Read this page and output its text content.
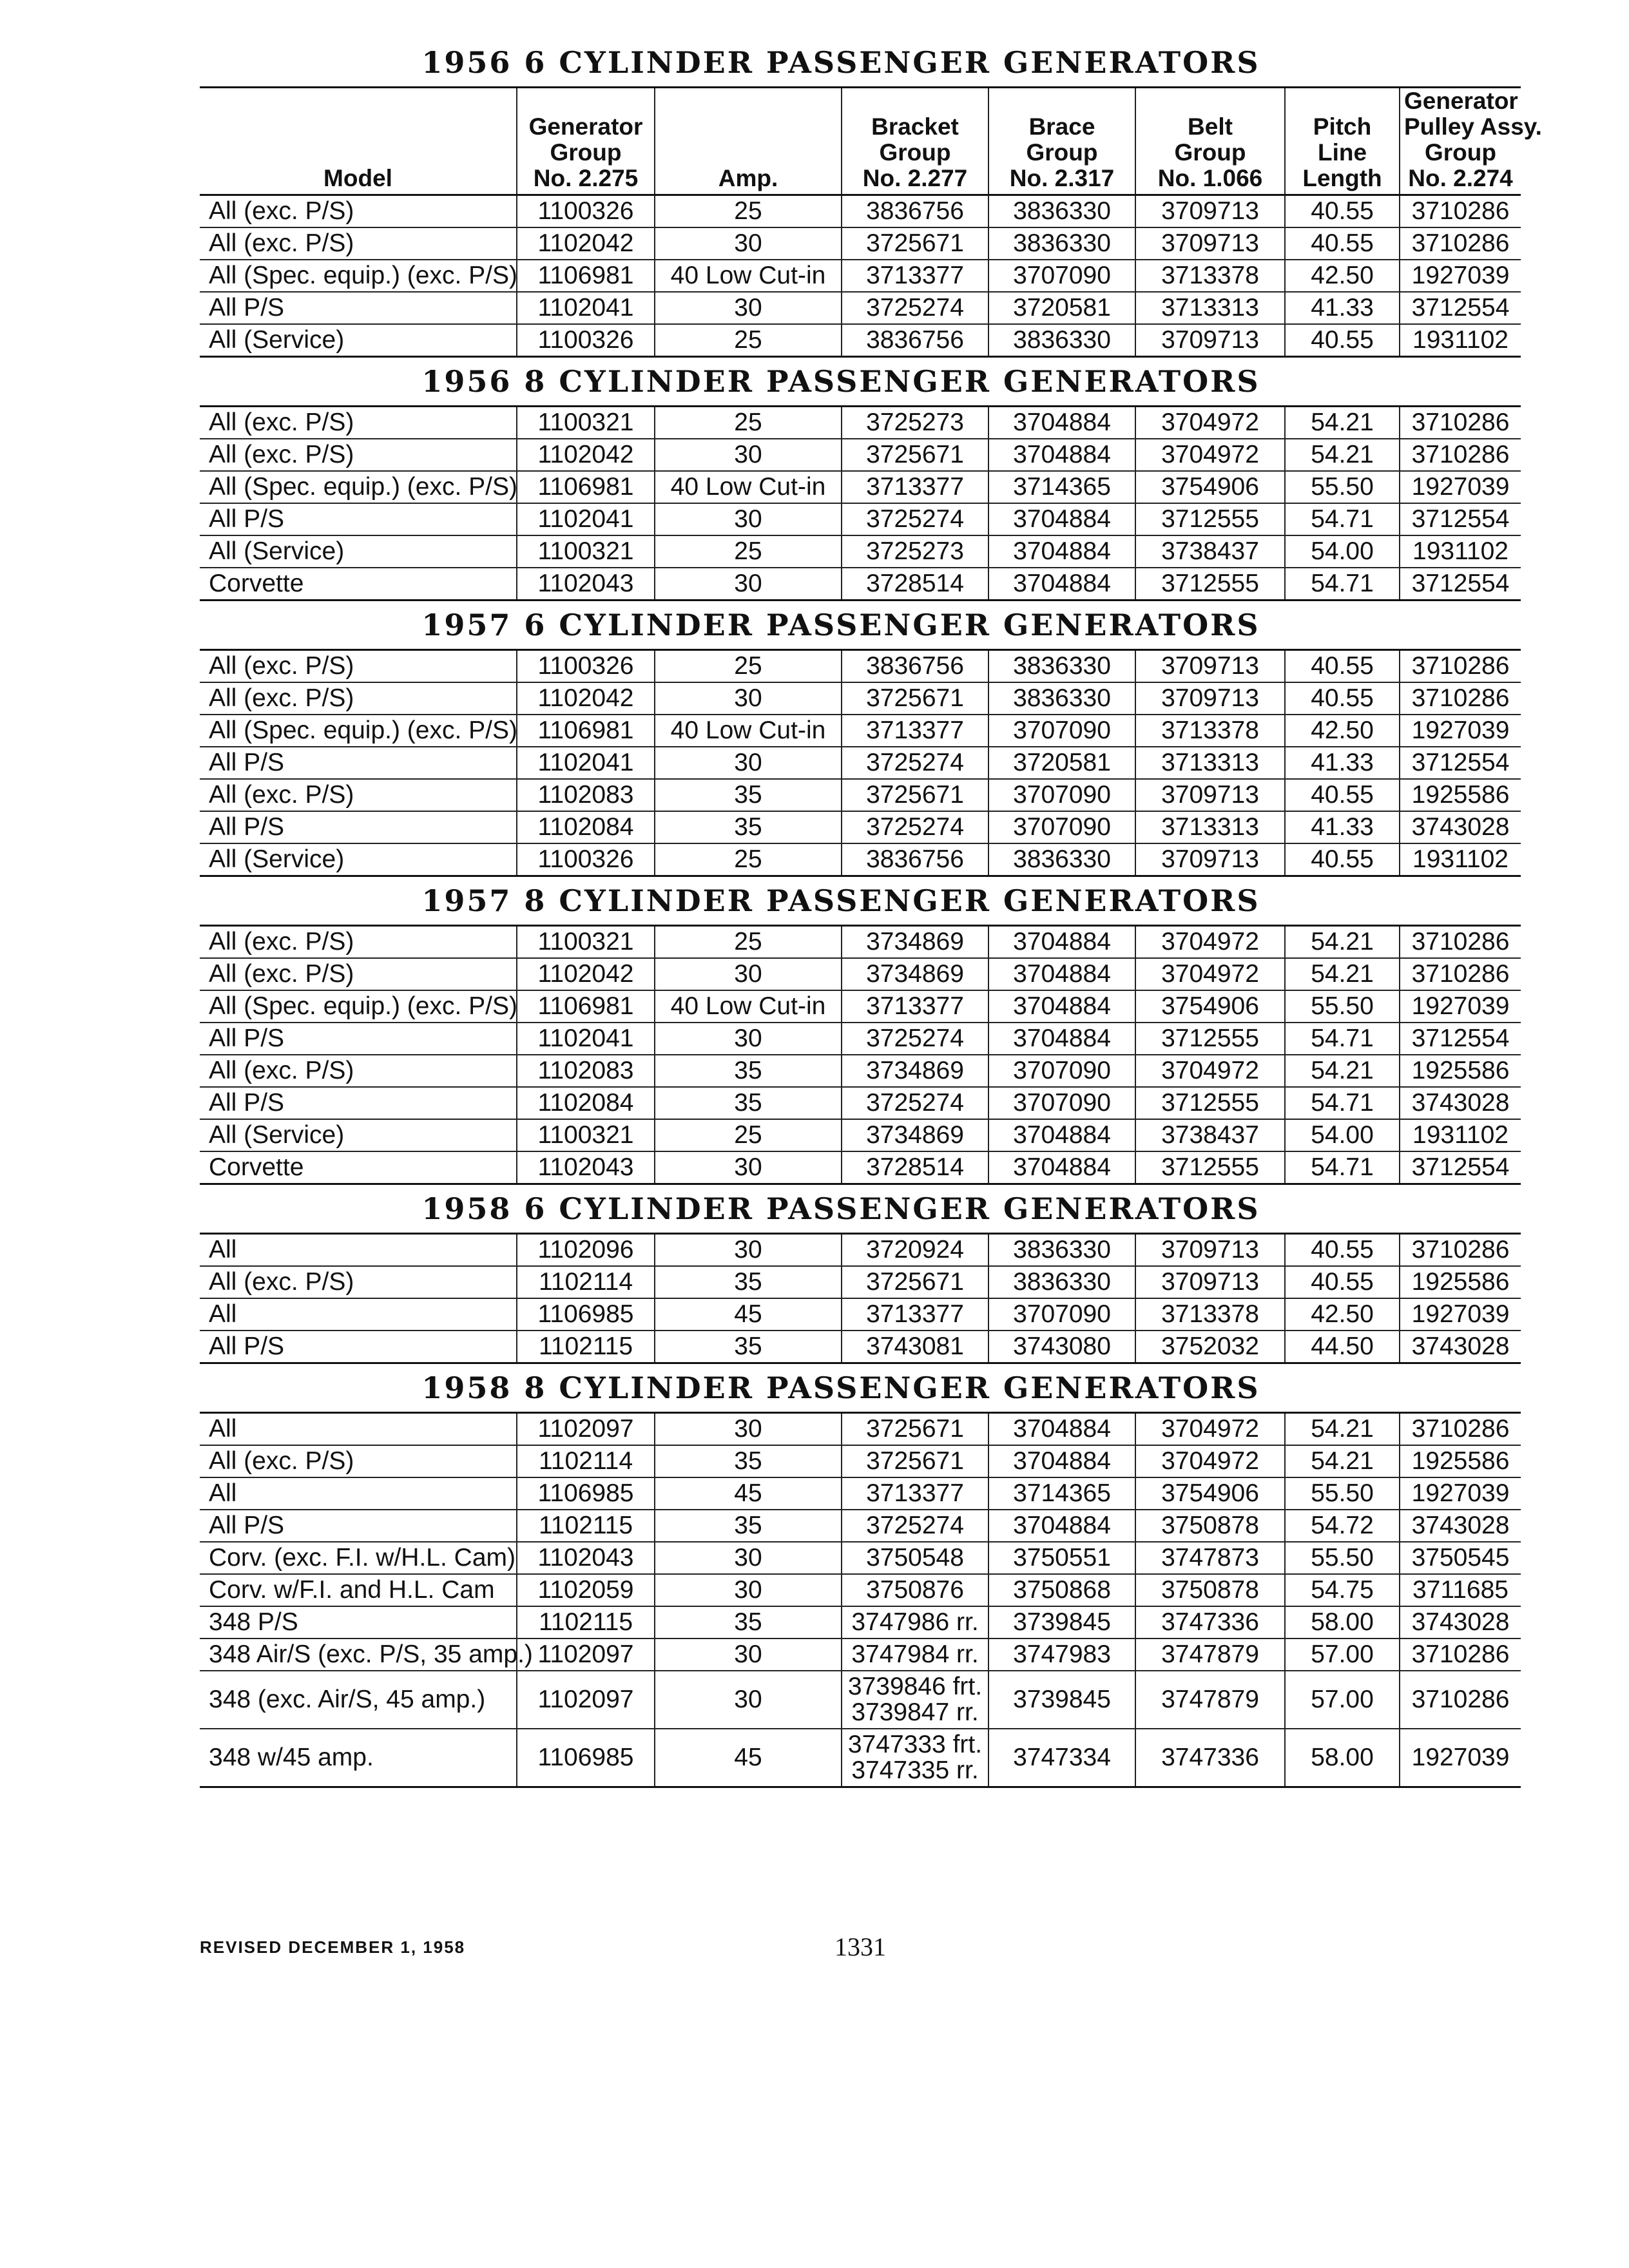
1956 6 CYLINDER PASSENGER GENERATORS
Model	Generator
Group
No. 2.275	Amp.	Bracket
Group
No. 2.277	Brace
Group
No. 2.317	Belt
Group
No. 1.066	Pitch
Line
Length	Generator
Pulley Assy.
Group
No. 2.274

All (exc. P/S)	1100326	25	3836756	3836330	3709713	40.55	3710286
All (exc. P/S)	1102042	30	3725671	3836330	3709713	40.55	3710286
All (Spec. equip.) (exc. P/S)	1106981	40 Low Cut-in	3713377	3707090	3713378	42.50	1927039
All P/S	1102041	30	3725274	3720581	3713313	41.33	3712554
All (Service)	1100326	25	3836756	3836330	3709713	40.55	1931102
1956 8 CYLINDER PASSENGER GENERATORS
All (exc. P/S)	1100321	25	3725273	3704884	3704972	54.21	3710286
All (exc. P/S)	1102042	30	3725671	3704884	3704972	54.21	3710286
All (Spec. equip.) (exc. P/S)	1106981	40 Low Cut-in	3713377	3714365	3754906	55.50	1927039
All P/S	1102041	30	3725274	3704884	3712555	54.71	3712554
All (Service)	1100321	25	3725273	3704884	3738437	54.00	1931102
Corvette	1102043	30	3728514	3704884	3712555	54.71	3712554
1957 6 CYLINDER PASSENGER GENERATORS
All (exc. P/S)	1100326	25	3836756	3836330	3709713	40.55	3710286
All (exc. P/S)	1102042	30	3725671	3836330	3709713	40.55	3710286
All (Spec. equip.) (exc. P/S)	1106981	40 Low Cut-in	3713377	3707090	3713378	42.50	1927039
All P/S	1102041	30	3725274	3720581	3713313	41.33	3712554
All (exc. P/S)	1102083	35	3725671	3707090	3709713	40.55	1925586
All P/S	1102084	35	3725274	3707090	3713313	41.33	3743028
All (Service)	1100326	25	3836756	3836330	3709713	40.55	1931102
1957 8 CYLINDER PASSENGER GENERATORS
All (exc. P/S)	1100321	25	3734869	3704884	3704972	54.21	3710286
All (exc. P/S)	1102042	30	3734869	3704884	3704972	54.21	3710286
All (Spec. equip.) (exc. P/S)	1106981	40 Low Cut-in	3713377	3704884	3754906	55.50	1927039
All P/S	1102041	30	3725274	3704884	3712555	54.71	3712554
All (exc. P/S)	1102083	35	3734869	3707090	3704972	54.21	1925586
All P/S	1102084	35	3725274	3707090	3712555	54.71	3743028
All (Service)	1100321	25	3734869	3704884	3738437	54.00	1931102
Corvette	1102043	30	3728514	3704884	3712555	54.71	3712554
1958 6 CYLINDER PASSENGER GENERATORS
All	1102096	30	3720924	3836330	3709713	40.55	3710286
All (exc. P/S)	1102114	35	3725671	3836330	3709713	40.55	1925586
All	1106985	45	3713377	3707090	3713378	42.50	1927039
All P/S	1102115	35	3743081	3743080	3752032	44.50	3743028
1958 8 CYLINDER PASSENGER GENERATORS
All	1102097	30	3725671	3704884	3704972	54.21	3710286
All (exc. P/S)	1102114	35	3725671	3704884	3704972	54.21	1925586
All	1106985	45	3713377	3714365	3754906	55.50	1927039
All P/S	1102115	35	3725274	3704884	3750878	54.72	3743028
Corv. (exc. F.I. w/H.L. Cam)	1102043	30	3750548	3750551	3747873	55.50	3750545
Corv. w/F.I. and H.L. Cam	1102059	30	3750876	3750868	3750878	54.75	3711685
348 P/S	1102115	35	3747986 rr.	3739845	3747336	58.00	3743028
348 Air/S (exc. P/S, 35 amp.)	1102097	30	3747984 rr.	3747983	3747879	57.00	3710286
348 (exc. Air/S, 45 amp.)	1102097	30	3739846 frt.
3739847 rr.	3739845	3747879	57.00	3710286
348 w/45 amp.	1106985	45	3747333 frt.
3747335 rr.	3747334	3747336	58.00	1927039
REVISED DECEMBER 1, 1958	1331
